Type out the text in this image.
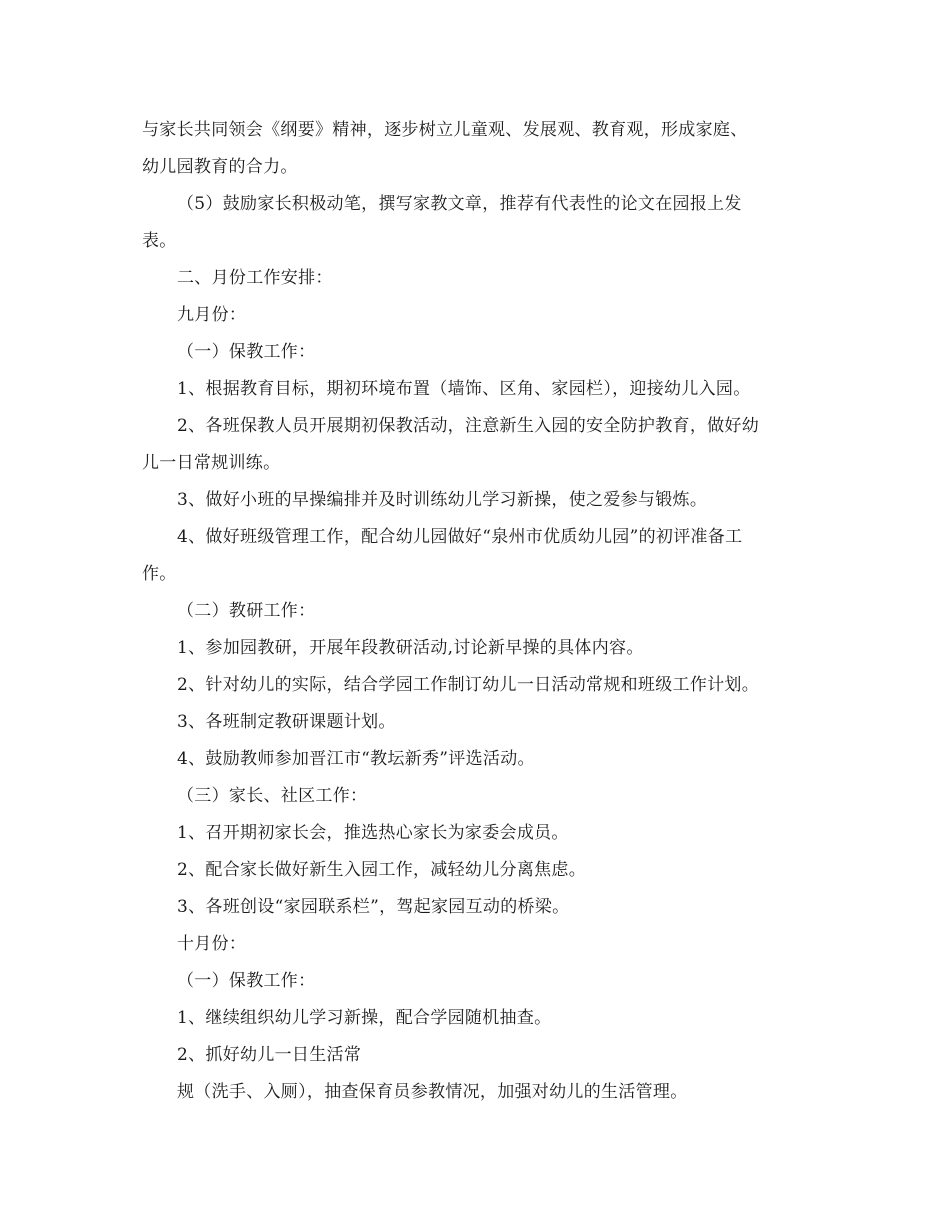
与家长共同领会《纲要》精神，逐步树立儿童观、发展观、教育观，形成家庭、
幼儿园教育的合力。
（5）鼓励家长积极动笔，撰写家教文章，推荐有代表性的论文在园报上发
表。
二、月份工作安排：
九月份：
（一）保教工作：
1、根据教育目标，期初环境布置（墙饰、区角、家园栏），迎接幼儿入园。
2、各班保教人员开展期初保教活动，注意新生入园的安全防护教育，做好幼
儿一日常规训练。
3、做好小班的早操编排并及时训练幼儿学习新操，使之爱参与锻炼。
4、做好班级管理工作，配合幼儿园做好“泉州市优质幼儿园”的初评准备工
作。
（二）教研工作：
1、参加园教研，开展年段教研活动,讨论新早操的具体内容。
2、针对幼儿的实际，结合学园工作制订幼儿一日活动常规和班级工作计划。
3、各班制定教研课题计划。
4、鼓励教师参加晋江市“教坛新秀”评选活动。
（三）家长、社区工作：
1、召开期初家长会，推选热心家长为家委会成员。
2、配合家长做好新生入园工作，减轻幼儿分离焦虑。
3、各班创设“家园联系栏”，驾起家园互动的桥梁。
十月份：
（一）保教工作：
1、继续组织幼儿学习新操，配合学园随机抽查。
2、抓好幼儿一日生活常
规（洗手、入厕），抽查保育员参教情况，加强对幼儿的生活管理。
